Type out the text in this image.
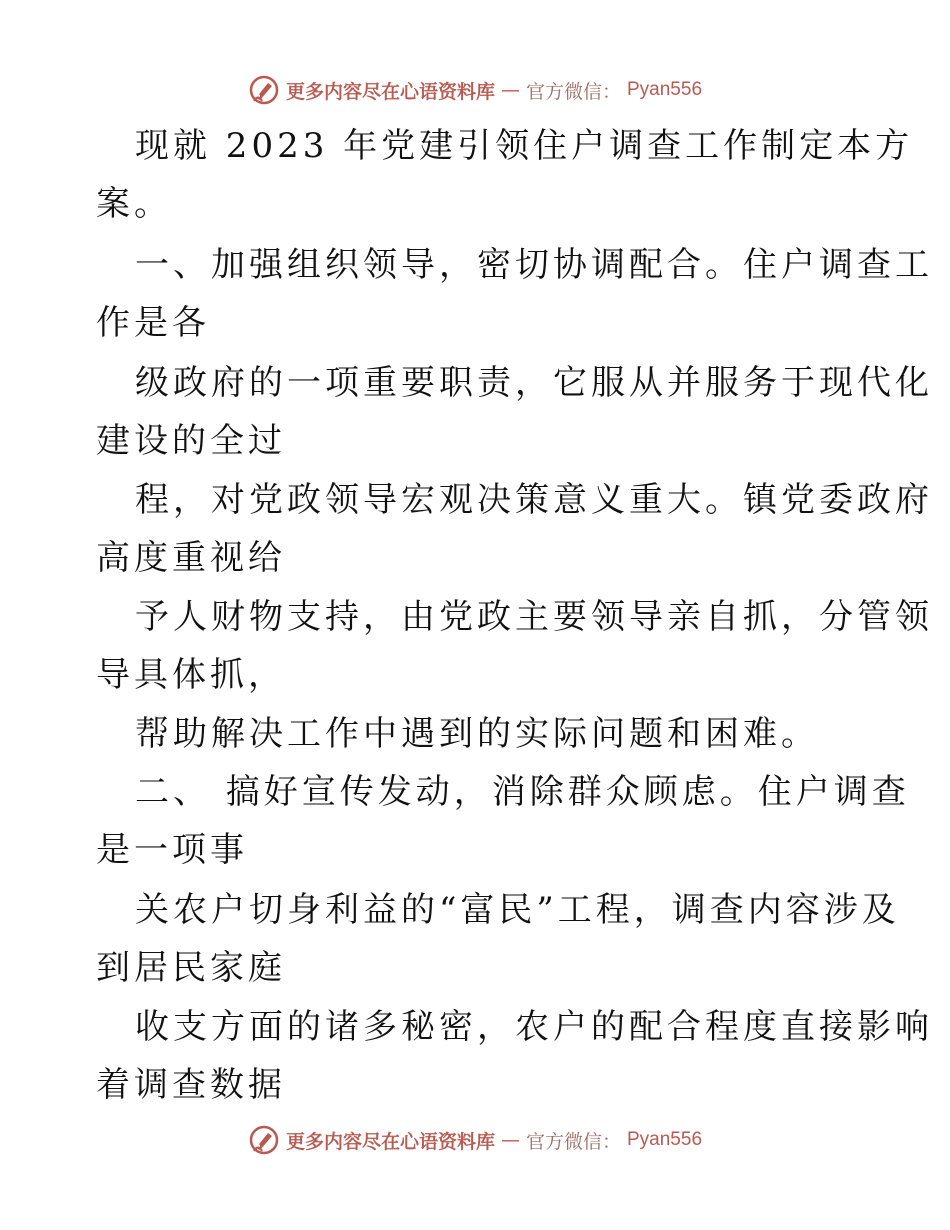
更多内容尽在心语资料库 — 官方微信： Pyan556
现就 2023 年党建引领住户调查工作制定本方
案。
一、加强组织领导，密切协调配合。住户调查工
作是各
级政府的一项重要职责，它服从并服务于现代化
建设的全过
程，对党政领导宏观决策意义重大。镇党委政府
高度重视给
予人财物支持，由党政主要领导亲自抓，分管领
导具体抓，
帮助解决工作中遇到的实际问题和困难。
二、 搞好宣传发动，消除群众顾虑。住户调查
是一项事
关农户切身利益的“富民”工程，调查内容涉及
到居民家庭
收支方面的诸多秘密，农户的配合程度直接影响
着调查数据
更多内容尽在心语资料库 — 官方微信： Pyan556
